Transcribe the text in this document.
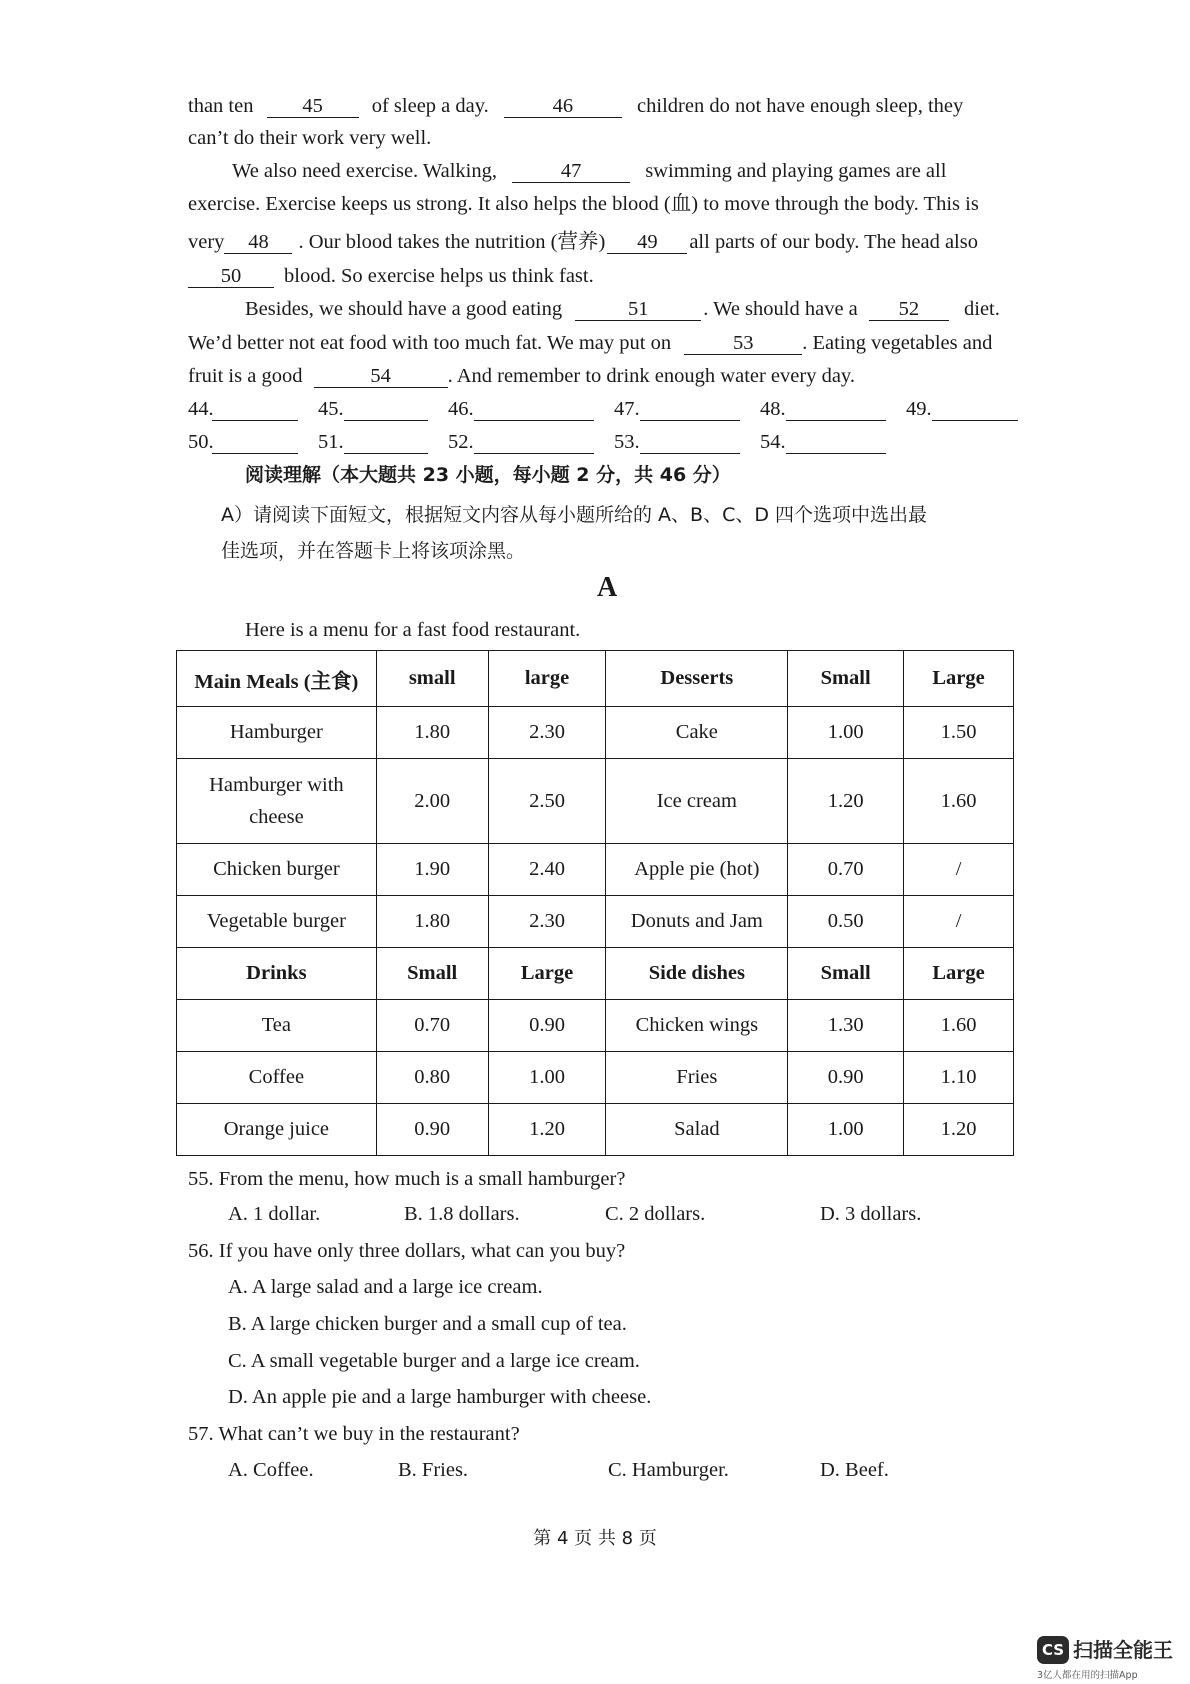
than ten 45 of sleep a day.	46	children do not have enough sleep, they
can’t do their work very well.
We also need exercise. Walking,	47	swimming and playing games are all
exercise. Exercise keeps us strong. It also helps the blood (血) to move through the body. This is
very 48 . Our blood takes the nutrition (营养) 49 all parts of our body. The head also
50 blood. So exercise helps us think fast.
Besides, we should have a good eating	51	. We should have a 52 diet.
We’d better not eat food with too much fat. We may put on	53 . Eating vegetables and
fruit is a good	54	. And remember to drink enough water every day.
44.	45.	46.	47.	48.	49.
50.	51.	52.	53.	54.
阅读理解（本大题共 23 小题，每小题 2 分，共 46 分）
A）请阅读下面短文，根据短文内容从每小题所给的 A、B、C、D 四个选项中选出最
佳选项，并在答题卡上将该项涂黑。
A
Here is a menu for a fast food restaurant.
Main Meals (主食)	small	large	Desserts	Small	Large
Hamburger	1.80	2.30	Cake	1.00	1.50
Hamburger with cheese	2.00	2.50	Ice cream	1.20	1.60
Chicken burger	1.90	2.40	Apple pie (hot)	0.70	/
Vegetable burger	1.80	2.30	Donuts and Jam	0.50	/
Drinks	Small	Large	Side dishes	Small	Large
Tea	0.70	0.90	Chicken wings	1.30	1.60
Coffee	0.80	1.00	Fries	0.90	1.10
Orange juice	0.90	1.20	Salad	1.00	1.20
55. From the menu, how much is a small hamburger?
A. 1 dollar.	B. 1.8 dollars.	C. 2 dollars.	D. 3 dollars.
56. If you have only three dollars, what can you buy?
A. A large salad and a large ice cream.
B. A large chicken burger and a small cup of tea.
C. A small vegetable burger and a large ice cream.
D. An apple pie and a large hamburger with cheese.
57. What can’t we buy in the restaurant?
A. Coffee.	B. Fries.	C. Hamburger.	D. Beef.
第 4 页 共 8 页
CS 扫描全能王
3亿人都在用的扫描App
